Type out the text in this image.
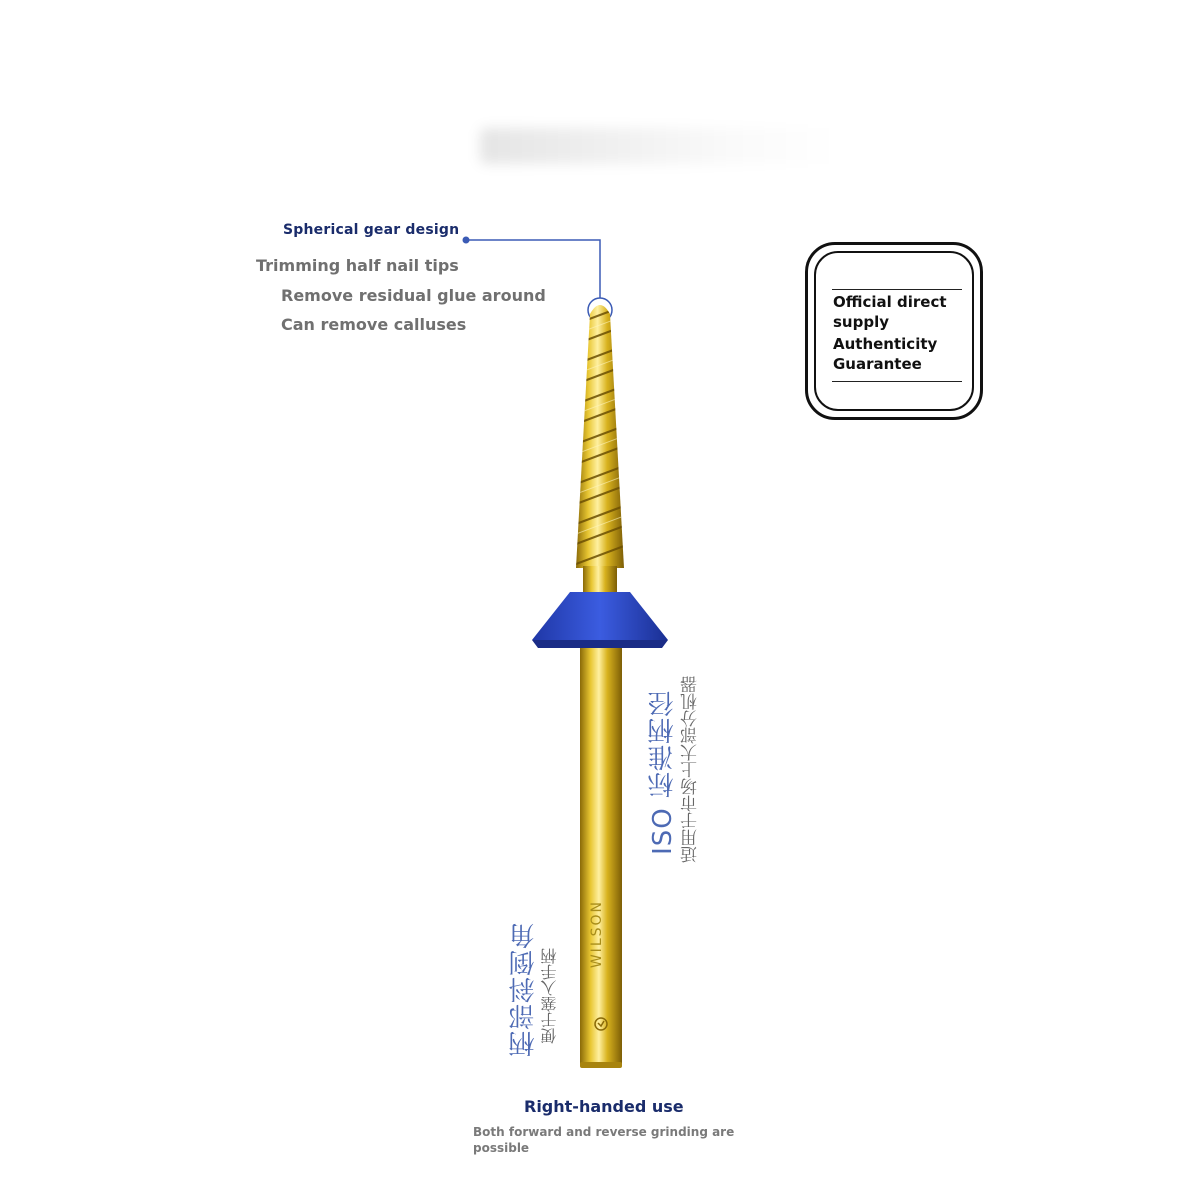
Spherical gear design

Trimming half nail tips

Remove residual glue around

Can remove calluses

WILSON

ISO 标准柄径 适用于市场上大部分机器

柄部斜倒角 便于塞入手柄

Official direct supply

Authenticity Guarantee

Right-handed use

Both forward and reverse grinding are possible
